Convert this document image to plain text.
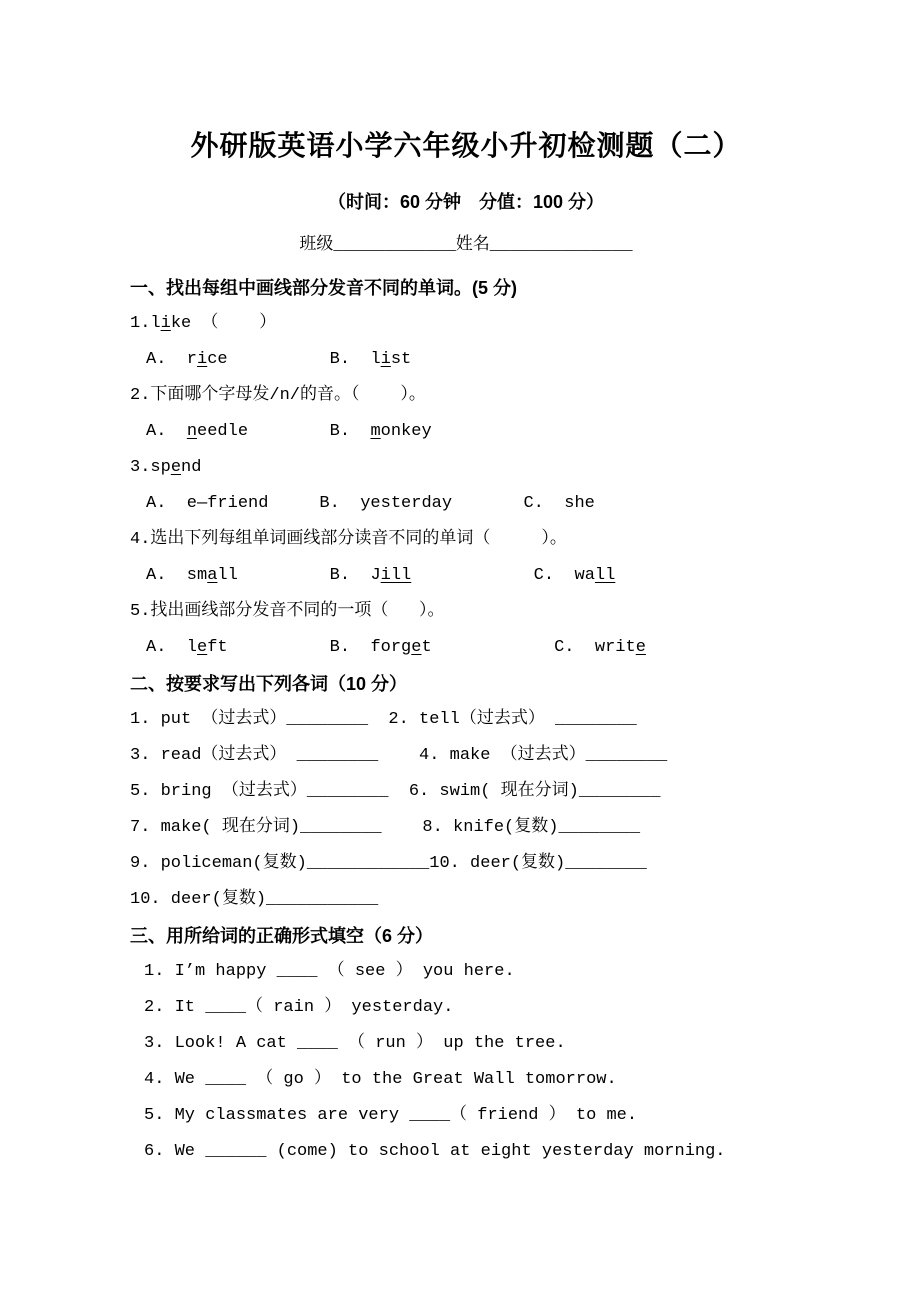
外研版英语小学六年级小升初检测题（二）
（时间：60 分钟　分值：100 分）
班级____________姓名______________
一、找出每组中画线部分发音不同的单词。(5 分)
1.like （    ）
A.  rice          B.  list
2.下面哪个字母发/n/的音。（    ）。
A.  needle        B.  monkey
3.spend
A.  e—friend     B.  yesterday       C.  she
4.选出下列每组单词画线部分读音不同的单词（     ）。
A.  small         B.  Jill            C.  wall
5.找出画线部分发音不同的一项（   ）。
A.  left          B.  forget            C.  write
二、按要求写出下列各词（10 分）
1. put （过去式）________  2. tell（过去式） ________
3. read（过去式） ________    4. make （过去式）________
5. bring （过去式）________  6. swim( 现在分词)________
7. make( 现在分词)________    8. knife(复数)________
9. policeman(复数)____________10. deer(复数)________
10. deer(复数)___________
三、用所给词的正确形式填空（6 分）
1. I’m happy ____ （ see ） you here.
2. It ____（ rain ） yesterday.
3. Look! A cat ____ （ run ） up the tree.
4. We ____ （ go ） to the Great Wall tomorrow.
5. My classmates are very ____（ friend ） to me.
6. We ______ (come) to school at eight yesterday morning.
